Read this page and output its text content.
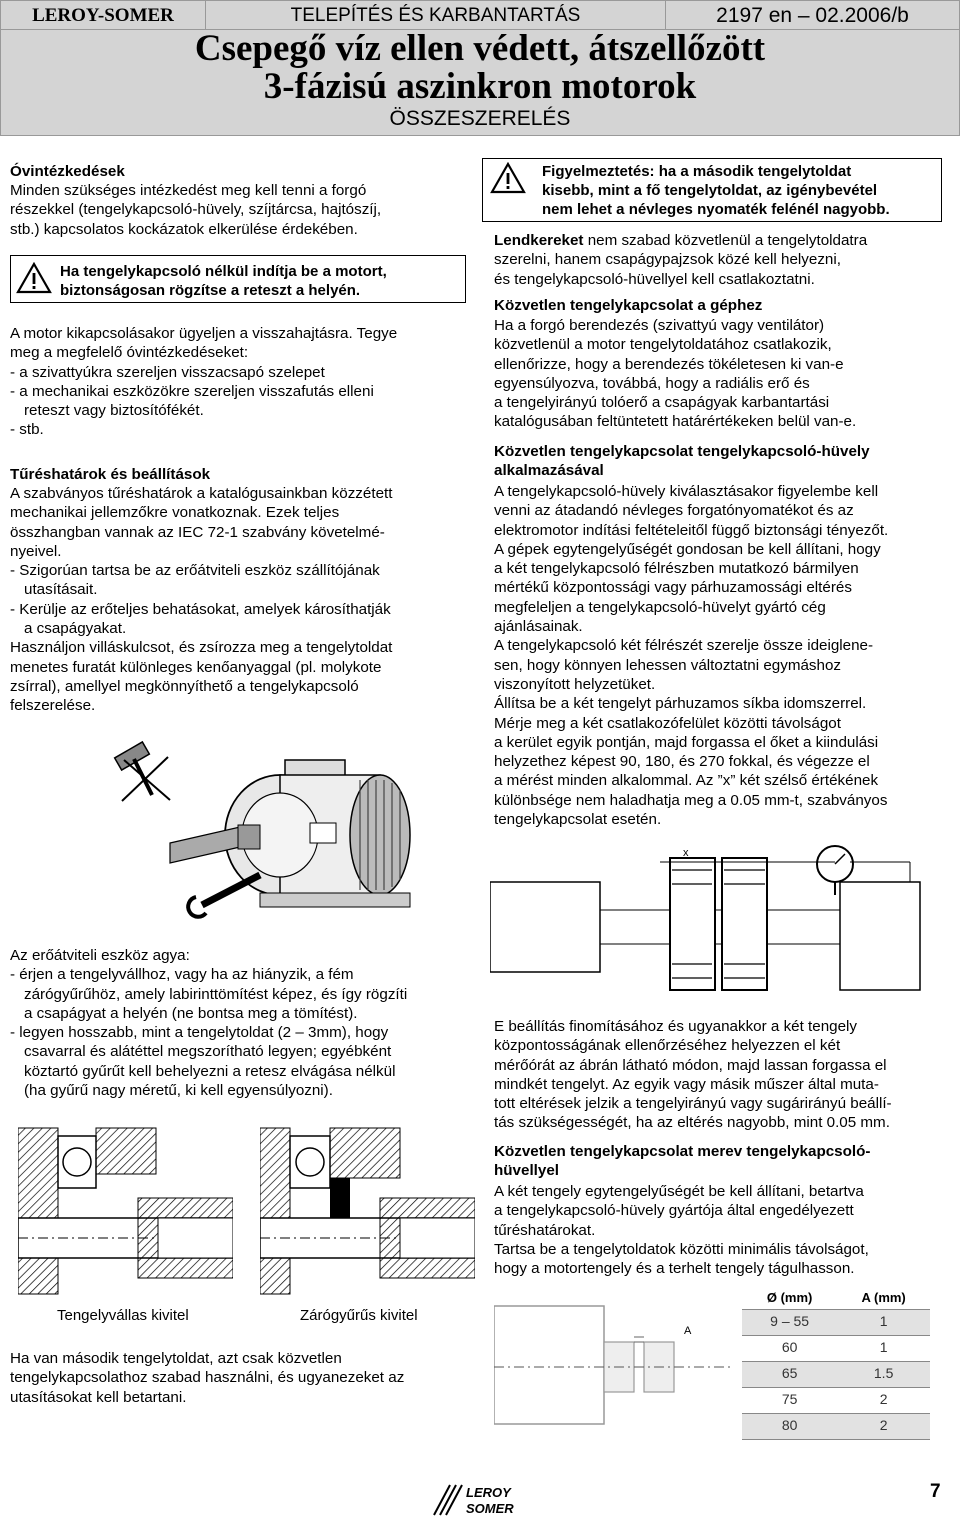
LEROY-SOMER	TELEPÍTÉS ÉS KARBANTARTÁS	2197 en – 02.2006/b
Csepegő víz ellen védett, átszellőzött
3-fázisú aszinkron motorok
ÖSSZESZERELÉS
Óvintézkedések
Minden szükséges intézkedést meg kell tenni a forgó
részekkel (tengelykapcsoló-hüvely, szíjtárcsa, hajtószíj,
stb.) kapcsolatos kockázatok elkerülése érdekében.
Ha tengelykapcsoló nélkül indítja be a motort,
biztonságosan rögzítse a reteszt a helyén.
A motor kikapcsolásakor ügyeljen a visszahajtásra. Tegye
meg a megfelelő óvintézkedéseket:
- a szivattyúkra szereljen visszacsapó szelepet
- a mechanikai eszközökre szereljen visszafutás elleni
reteszt vagy biztosítófékét.
- stb.
Tűréshatárok és beállítások
A szabványos tűréshatárok a katalógusainkban közzétett
mechanikai jellemzőkre vonatkoznak. Ezek teljes
összhangban vannak az IEC 72-1 szabvány követelmé-
nyeivel.
- Szigorúan tartsa be az erőátviteli eszköz szállítójának
utasításait.
- Kerülje az erőteljes behatásokat, amelyek károsíthatják
a csapágyakat.
Használjon villáskulcsot, és zsírozza meg a tengelytoldat
menetes furatát különleges kenőanyaggal (pl. molykote
zsírral), amellyel megkönnyíthető a tengelykapcsoló
felszerelése.
Figyelmeztetés: ha a második tengelytoldat
kisebb, mint a fő tengelytoldat, az igénybevétel
nem lehet a névleges nyomaték felénél nagyobb.
Lendkereket nem szabad közvetlenül a tengelytoldatra
szerelni, hanem csapágypajzsok közé kell helyezni,
és tengelykapcsoló-hüvellyel kell csatlakoztatni.
Közvetlen tengelykapcsolat a géphez
Ha a forgó berendezés (szivattyú vagy ventilátor)
közvetlenül a motor tengelytoldatához csatlakozik,
ellenőrizze, hogy a berendezés tökéletesen ki van-e
egyensúlyozva, továbbá, hogy a radiális erő és
a tengelyirányú tolóerő a csapágyak karbantartási
katalógusában feltüntetett határértékeken belül van-e.
Közvetlen tengelykapcsolat tengelykapcsoló-hüvely
alkalmazásával
A tengelykapcsoló-hüvely kiválasztásakor figyelembe kell
venni az átadandó névleges forgatónyomatékot és az
elektromotor indítási feltételeitől függő biztonsági tényezőt.
A gépek egytengelyűségét gondosan be kell állítani, hogy
a két tengelykapcsoló félrészben mutatkozó bármilyen
mértékű központossági vagy párhuzamossági eltérés
megfeleljen a tengelykapcsoló-hüvelyt gyártó cég
ajánlásainak.
A tengelykapcsoló két félrészét szerelje össze ideiglene-
sen, hogy könnyen lehessen változtatni egymáshoz
viszonyított helyzetüket.
Állítsa be a két tengelyt párhuzamos síkba idomszerrel.
Mérje meg a két csatlakozófelület közötti távolságot
a kerület egyik pontján, majd forgassa el őket a kiindulási
helyzethez képest 90, 180, és 270 fokkal, és végezze el
a mérést minden alkalommal. Az ”x” két szélső értékének
különbsége nem haladhatja meg a 0.05 mm-t, szabványos
tengelykapcsolat esetén.
x
Az erőátviteli eszköz agya:
- érjen a tengelyvállhoz, vagy ha az hiányzik, a fém
zárógyűrűhöz, amely labirinttömítést képez, és így rögzíti
a csapágyat a helyén (ne bontsa meg a tömítést).
- legyen hosszabb, mint a tengelytoldat (2 – 3mm), hogy
csavarral és alátéttel megszorítható legyen; egyébként
köztartó gyűrűt kell behelyezni a retesz elvágása nélkül
(ha gyűrű nagy méretű, ki kell egyensúlyozni).
Tengelyvállas kivitel	Zárógyűrűs kivitel
Ha van második tengelytoldat, azt csak közvetlen
tengelykapcsolathoz szabad használni, és ugyanezeket az
utasításokat kell betartani.
E beállítás finomításához és ugyanakkor a két tengely
központosságának ellenőrzéséhez helyezzen el két
mérőórát az ábrán látható módon, majd lassan forgassa el
mindkét tengelyt. Az egyik vagy másik műszer által muta-
tott eltérések jelzik a tengelyirányú vagy sugárirányú beállí-
tás szükségességét, ha az eltérés nagyobb, mint 0.05 mm.
Közvetlen tengelykapcsolat merev tengelykapcsoló-
hüvellyel
A két tengely egytengelyűségét be kell állítani, betartva
a tengelykapcsoló-hüvely gyártója által engedélyezett
tűréshatárokat.
Tartsa be a tengelytoldatok közötti minimális távolságot,
hogy a motortengely és a terhelt tengely tágulhasson.
A
Ø (mm)	A (mm)
9 – 55	1
60	1
65	1.5
75	2
80	2
LEROY
SOMER
7
